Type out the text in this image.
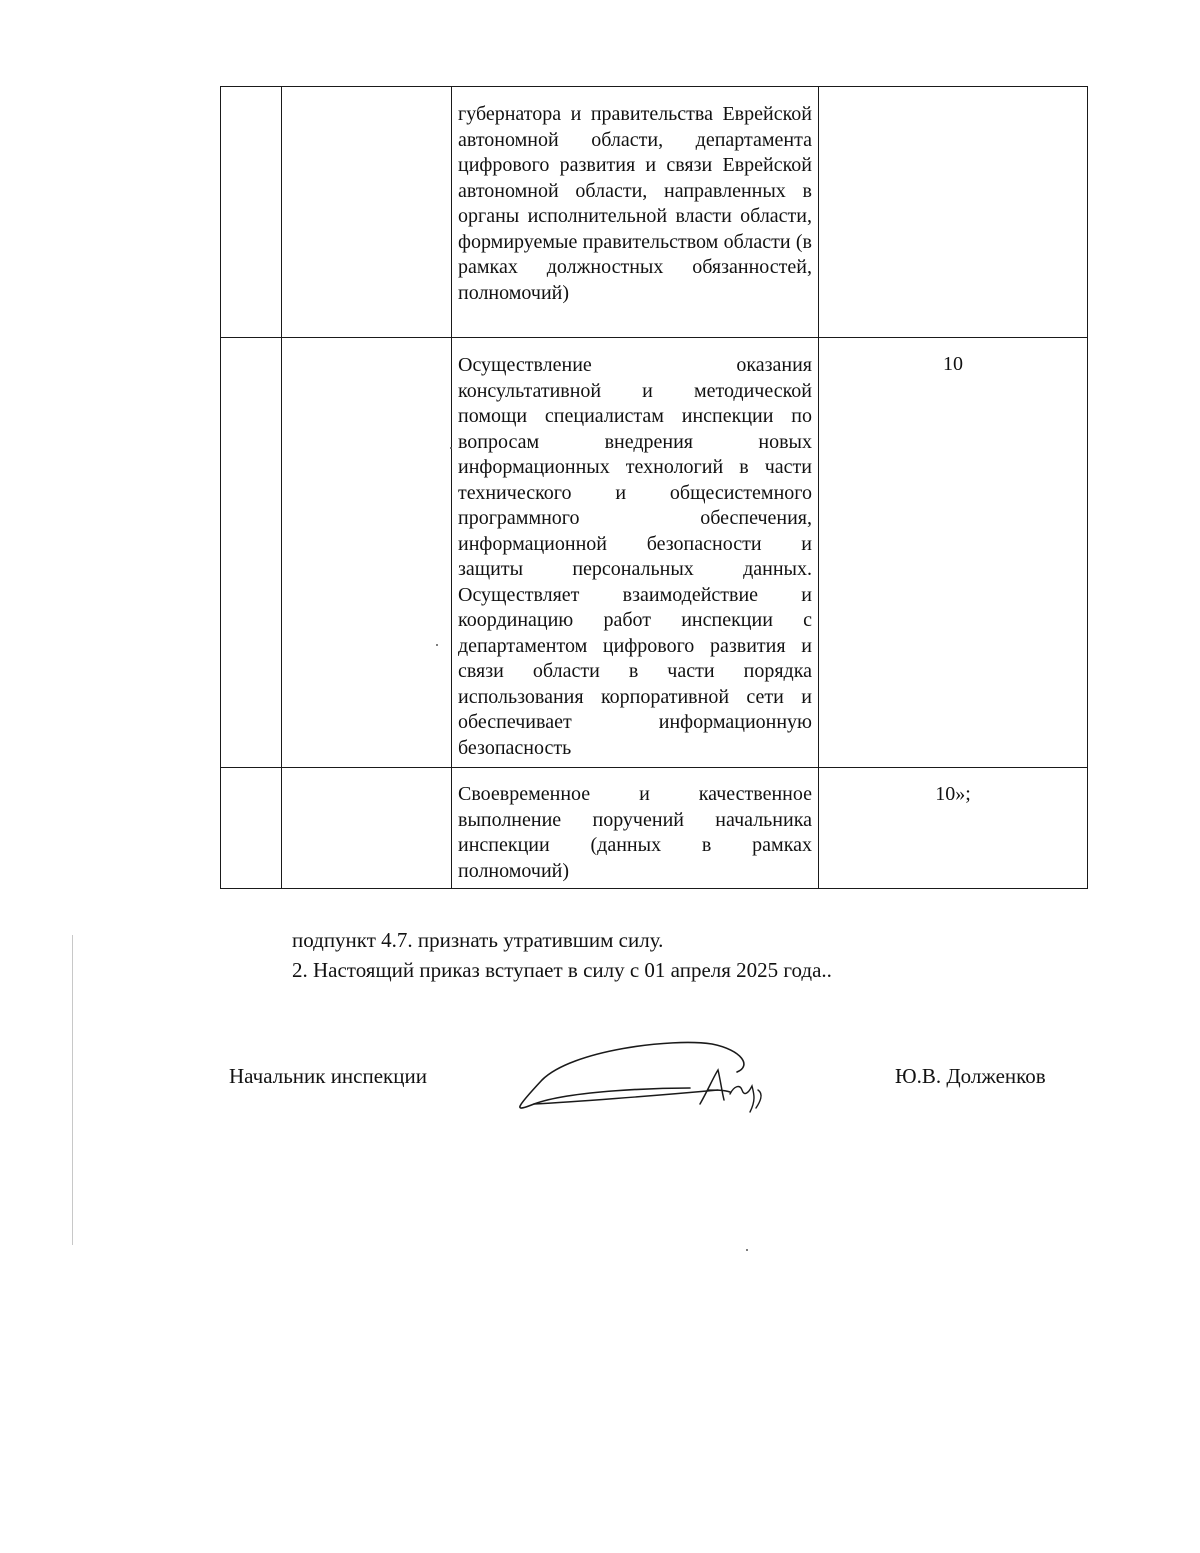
		губернатора и правительства Еврейской автономной области, департамента цифрового развития и связи Еврейской автономной области, направленных в органы исполнительной власти области, формируемые правительством области (в рамках должностных обязанностей, полномочий)	

		Осуществление оказания консультативной и методической помощи специалистам инспекции по вопросам внедрения новых информационных технологий в части технического и общесистемного программного обеспечения, информационной безопасности и защиты персональных данных. Осуществляет взаимодействие и координацию работ инспекции с департаментом цифрового развития и связи области в части порядка использования корпоративной сети и обеспечивает информационную безопасность	10

		Своевременное и качественное выполнение поручений начальника инспекции (данных в рамках полномочий)	10»;
подпункт 4.7. признать утратившим силу.
2. Настоящий приказ вступает в силу с 01 апреля 2025 года..
Начальник инспекции	Ю.В. Долженков
